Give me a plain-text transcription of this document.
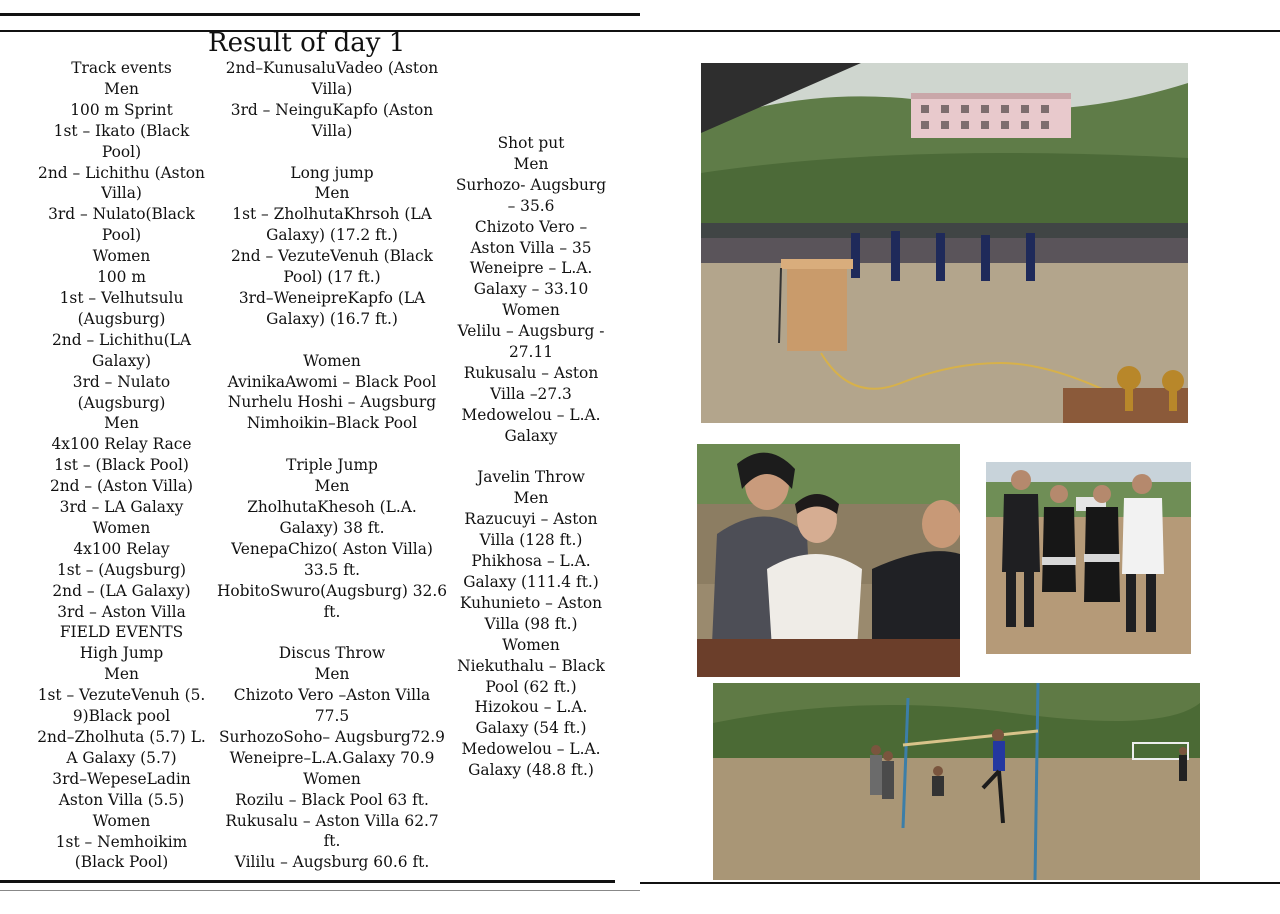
Result of day 1
Track events
Men
100 m Sprint
1st – Ikato (Black
Pool)
2nd – Lichithu (Aston
Villa)
3rd – Nulato(Black
Pool)
Women
100 m
1st – Velhutsulu
(Augsburg)
2nd – Lichithu(LA
Galaxy)
3rd – Nulato
(Augsburg)
Men
4x100 Relay Race
1st – (Black Pool)
2nd – (Aston Villa)
3rd – LA Galaxy
Women
4x100 Relay
1st – (Augsburg)
2nd – (LA Galaxy)
3rd – Aston Villa
FIELD EVENTS
High Jump
Men
1st – VezuteVenuh (5.
9)Black pool
2nd–Zholhuta (5.7) L.
A Galaxy (5.7)
3rd–WepeseLadin
Aston Villa (5.5)
Women
1st – Nemhoikim
(Black Pool)
2nd–KunusaluVadeo (Aston
Villa)
3rd – NeinguKapfo (Aston
Villa)
Long jump
Men
1st – ZholhutaKhrsoh (LA
Galaxy) (17.2 ft.)
2nd – VezuteVenuh (Black
Pool) (17 ft.)
3rd–WeneipreKapfo (LA
Galaxy) (16.7 ft.)
Women
AvinikaAwomi – Black Pool
Nurhelu Hoshi – Augsburg
Nimhoikin–Black Pool
Triple Jump
Men
ZholhutaKhesoh (L.A.
Galaxy) 38 ft.
VenepaChizo( Aston Villa)
33.5 ft.
HobitoSwuro(Augsburg) 32.6
ft.
Discus Throw
Men
Chizoto Vero –Aston Villa
77.5
SurhozoSoho– Augsburg72.9
Weneipre–L.A.Galaxy 70.9
Women
Rozilu – Black Pool 63 ft.
Rukusalu – Aston Villa 62.7
ft.
Vililu – Augsburg 60.6 ft.
Shot put
Men
Surhozo- Augsburg
– 35.6
Chizoto Vero –
Aston Villa – 35
Weneipre – L.A.
Galaxy – 33.10
Women
Velilu – Augsburg -
27.11
Rukusalu – Aston
Villa –27.3
Medowelou – L.A.
Galaxy
Javelin Throw
Men
Razucuyi – Aston
Villa (128 ft.)
Phikhosa – L.A.
Galaxy (111.4 ft.)
Kuhunieto – Aston
Villa (98 ft.)
Women
Niekuthalu – Black
Pool (62 ft.)
Hizokou – L.A.
Galaxy (54 ft.)
Medowelou – L.A.
Galaxy (48.8 ft.)
